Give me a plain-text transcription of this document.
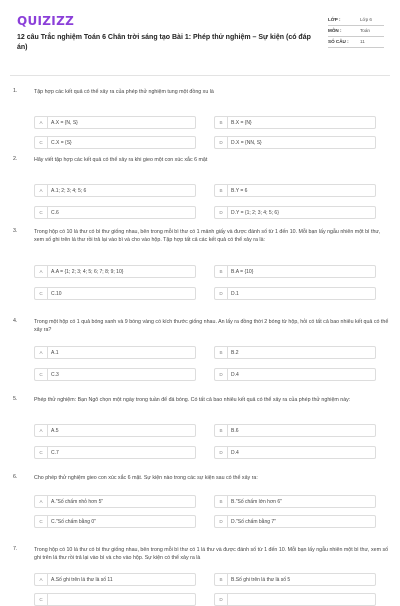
QUIZIZZ
12 câu Trắc nghiệm Toán 6 Chân trời sáng tạo Bài 1: Phép thử nghiệm – Sự kiện (có đáp án)
LỚP :	Lớp 6
MÔN :	Toán
SỐ CÂU :	11
1.	Tập hợp các kết quả có thể xảy ra của phép thử nghiệm tung một đồng xu là
A	A.X = {N, S}	B	B.X = {N}
C	C.X = {S}	D	D.X = {NN, S}
2.	Hãy viết tập hợp các kết quả có thể xảy ra khi gieo một con xúc xắc 6 mặt
A	A.1; 2; 3; 4; 5; 6	B	B.Y = 6
C	C.6	D	D.Y = {1; 2; 3; 4; 5; 6}
3.	Trong hộp có 10 lá thư có bì thư giống nhau, bên trong mỗi bì thư có 1 mảnh giấy và được đánh số từ 1 đến 10. Mỗi bạn lấy ngẫu nhiên một bì thư, xem số ghi trên lá thư rồi trả lại vào bì và cho vào hộp. Tập hợp tất cả các kết quả có thể xảy ra là:
A	A.A = {1; 2; 3; 4; 5; 6; 7; 8; 9; 10}	B	B.A = {10}
C	C.10	D	D.1
4.	Trong một hộp có 1 quả bóng xanh và 9 bóng vàng có kích thước giống nhau. An lấy ra đồng thời 2 bóng từ hộp, hỏi có tất cả bao nhiêu kết quả có thể xảy ra?
A	A.1	B	B.2
C	C.3	D	D.4
5.	Phép thử nghiệm: Bạn Ngô chọn một ngày trong tuần để đá bóng. Có tất cả bao nhiêu kết quả có thể xảy ra của phép thử nghiệm này:
A	A.5	B	B.6
C	C.7	D	D.4
6.	Cho phép thử nghiệm gieo con xúc xắc 6 mặt. Sự kiện nào trong các sự kiện sau có thể xảy ra:
A	A."Số chấm nhỏ hơn 5"	B	B."Số chấm lớn hơn 6"
C	C."Số chấm bằng 0"	D	D."Số chấm bằng 7"
7.	Trong hộp có 10 lá thư có bì thư giống nhau, bên trong mỗi bì thư có 1 lá thư và được đánh số từ 1 đến 10. Mỗi bạn lấy ngẫu nhiên một bì thư, xem số ghi trên lá thư rồi trả lại vào bì và cho vào hộp. Sự kiện có thể xảy ra là
A	A.Số ghi trên lá thư là số 11	B	B.Số ghi trên lá thư là số 5
C	D
